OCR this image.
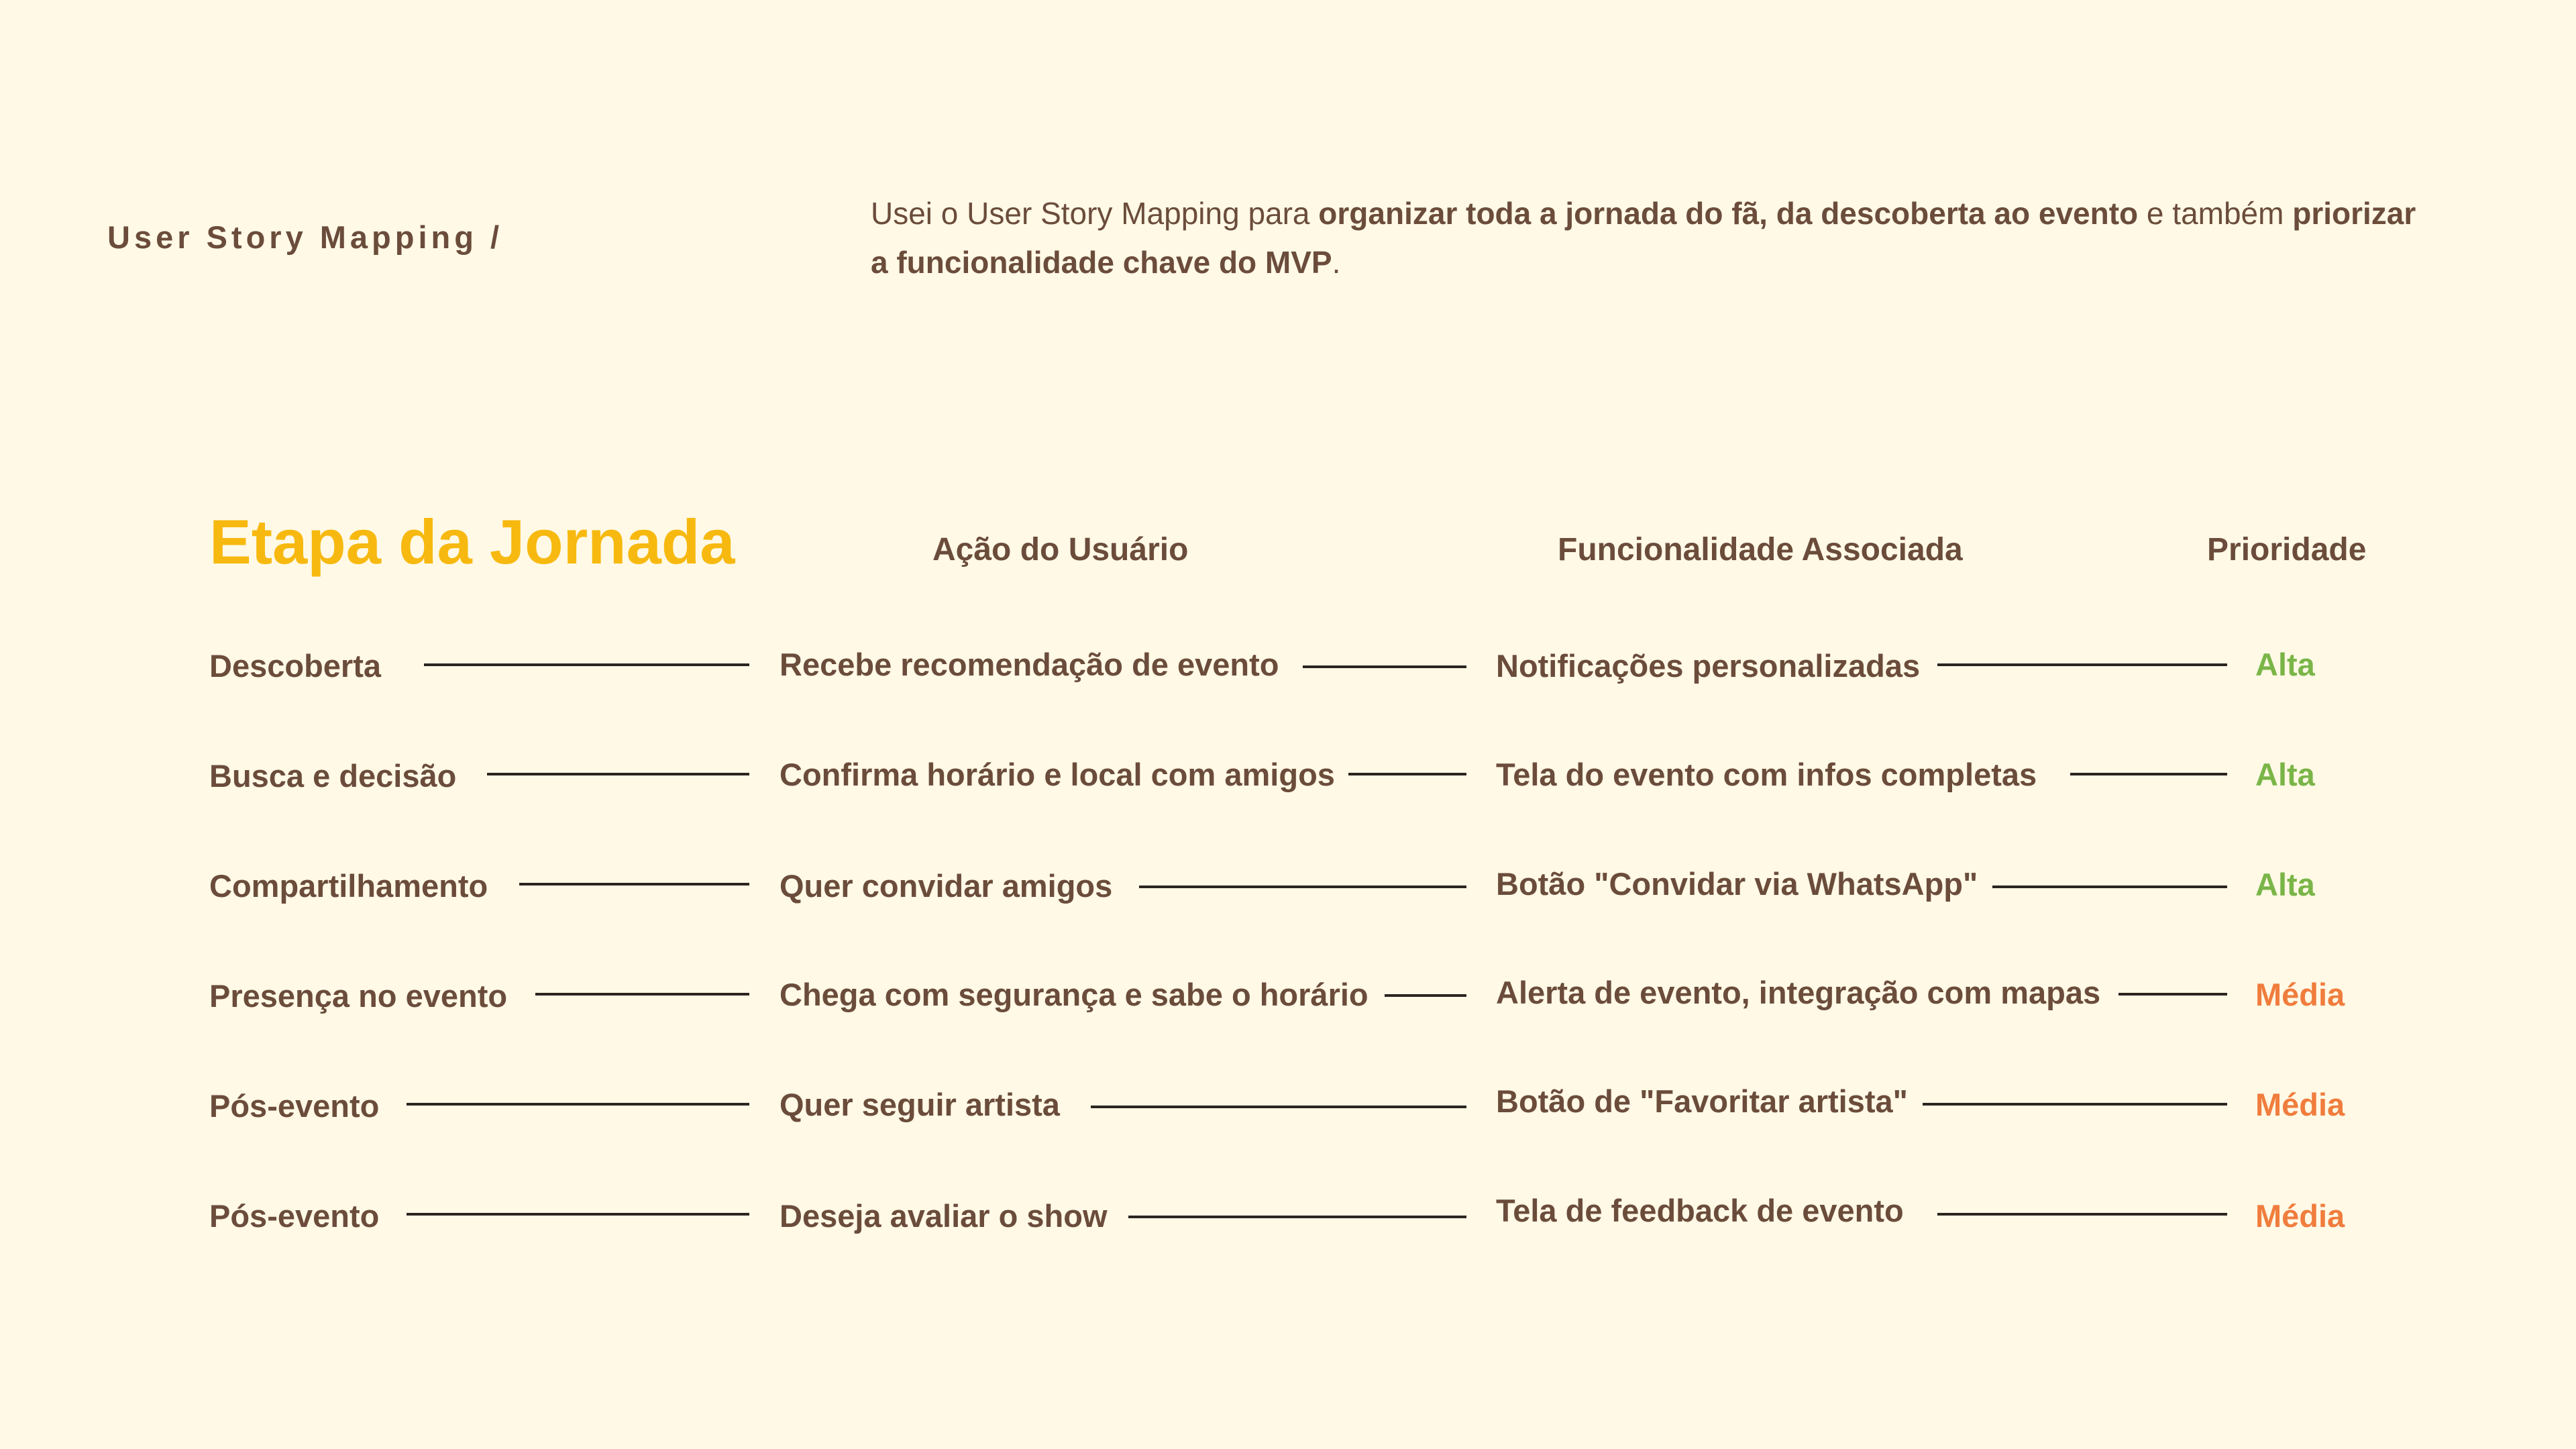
User Story Mapping /
Usei o User Story Mapping para organizar toda a jornada do fã, da descoberta ao evento e também priorizar a funcionalidade chave do MVP.
Etapa da Jornada	Ação do Usuário	Funcionalidade Associada	Prioridade
Descoberta	Recebe recomendação de evento	Notificações personalizadas	Alta
Busca e decisão	Confirma horário e local com amigos	Tela do evento com infos completas	Alta
Compartilhamento	Quer convidar amigos	Botão "Convidar via WhatsApp"	Alta
Presença no evento	Chega com segurança e sabe o horário	Alerta de evento, integração com mapas	Média
Pós-evento	Quer seguir artista	Botão de "Favoritar artista"	Média
Pós-evento	Deseja avaliar o show	Tela de feedback de evento	Média
